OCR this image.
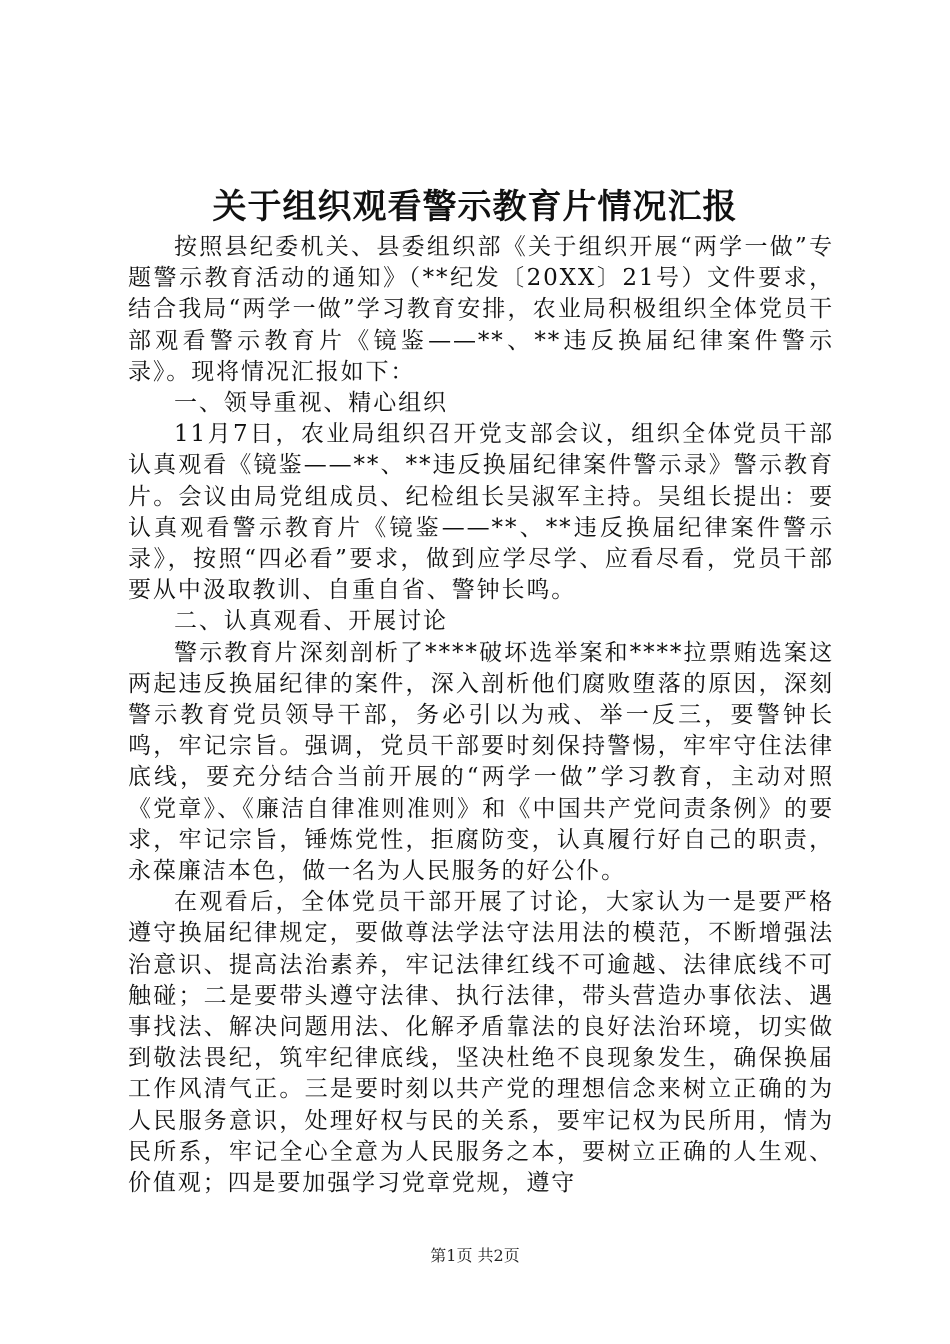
关于组织观看警示教育片情况汇报

按照县纪委机关、县委组织部《关于组织开展“两学一做”专题警示教育活动的通知》（**纪发〔20XX〕21号）文件要求，结合我局“两学一做”学习教育安排，农业局积极组织全体党员干部观看警示教育片《镜鉴——**、**违反换届纪律案件警示录》。现将情况汇报如下：

一、领导重视、精心组织

11月7日，农业局组织召开党支部会议，组织全体党员干部认真观看《镜鉴——**、**违反换届纪律案件警示录》警示教育片。会议由局党组成员、纪检组长吴淑军主持。吴组长提出：要认真观看警示教育片《镜鉴——**、**违反换届纪律案件警示录》，按照“四必看”要求，做到应学尽学、应看尽看，党员干部要从中汲取教训、自重自省、警钟长鸣。

二、认真观看、开展讨论

警示教育片深刻剖析了****破坏选举案和****拉票贿选案这两起违反换届纪律的案件，深入剖析他们腐败堕落的原因，深刻警示教育党员领导干部，务必引以为戒、举一反三，要警钟长鸣，牢记宗旨。强调，党员干部要时刻保持警惕，牢牢守住法律底线，要充分结合当前开展的“两学一做”学习教育，主动对照《党章》、《廉洁自律准则准则》和《中国共产党问责条例》的要求，牢记宗旨，锤炼党性，拒腐防变，认真履行好自己的职责，永葆廉洁本色，做一名为人民服务的好公仆。

在观看后，全体党员干部开展了讨论，大家认为一是要严格遵守换届纪律规定，要做尊法学法守法用法的模范，不断增强法治意识、提高法治素养，牢记法律红线不可逾越、法律底线不可触碰；二是要带头遵守法律、执行法律，带头营造办事依法、遇事找法、解决问题用法、化解矛盾靠法的良好法治环境，切实做到敬法畏纪，筑牢纪律底线，坚决杜绝不良现象发生，确保换届工作风清气正。三是要时刻以共产党的理想信念来树立正确的为人民服务意识，处理好权与民的关系，要牢记权为民所用，情为民所系，牢记全心全意为人民服务之本，要树立正确的人生观、价值观；四是要加强学习党章党规，遵守

第1页 共2页
